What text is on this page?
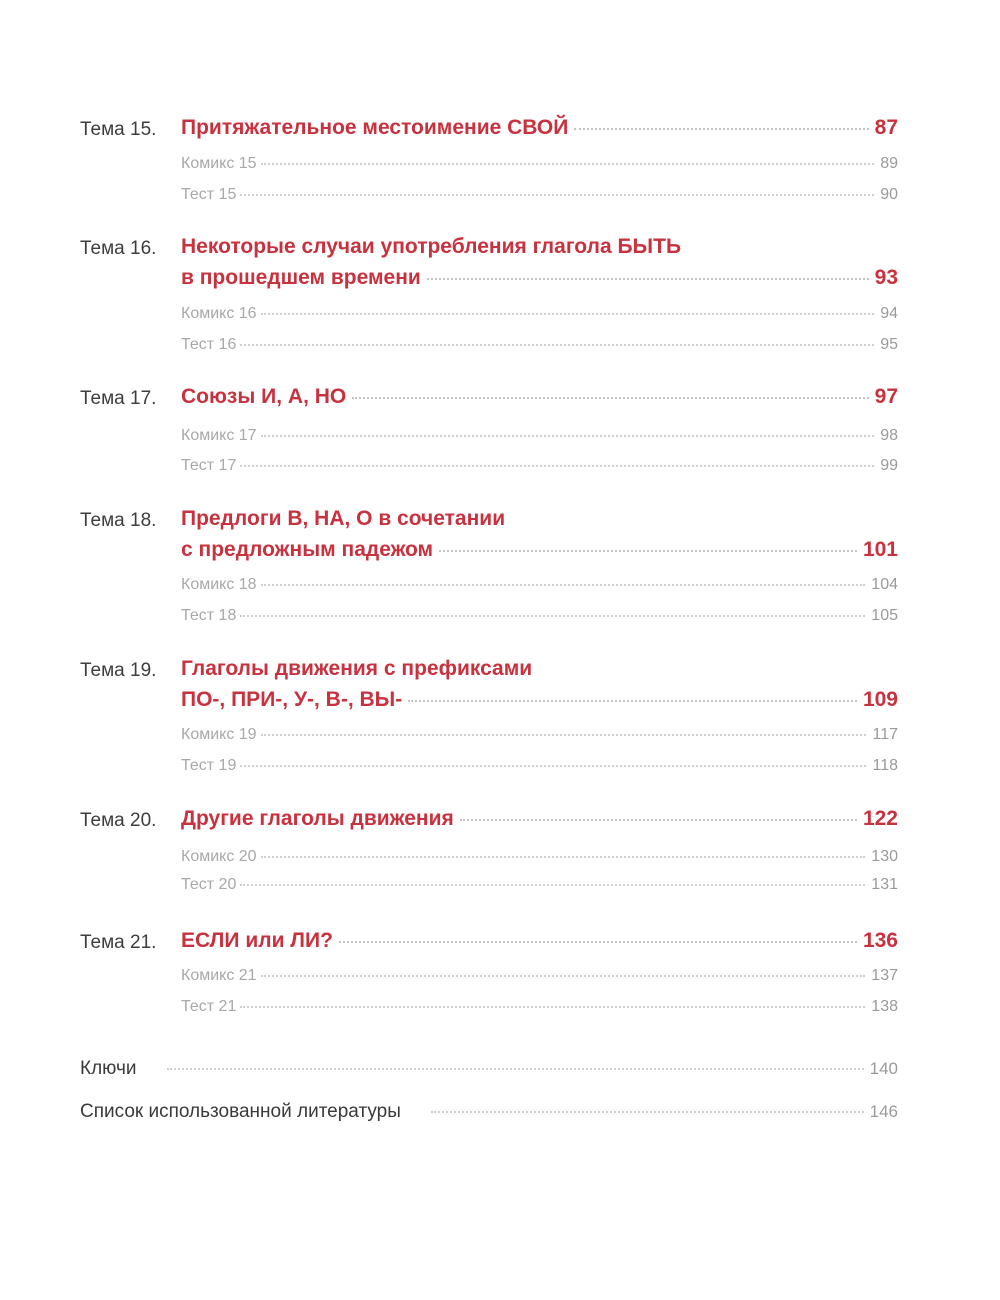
Тема 15.	Притяжательное местоимение СВОЙ	87
Комикс 15	89
Тест 15	90
Тема 16.	Некоторые случаи употребления глагола БЫТЬ
в прошедшем времени	93
Комикс 16	94
Тест 16	95
Тема 17.	Союзы И, А, НО	97
Комикс 17	98
Тест 17	99
Тема 18.	Предлоги В, НА, О в сочетании
с предложным падежом	101
Комикс 18	104
Тест 18	105
Тема 19.	Глаголы движения с префиксами
ПО-, ПРИ-, У-, В-, ВЫ-	109
Комикс 19	117
Тест 19	118
Тема 20.	Другие глаголы движения	122
Комикс 20	130
Тест 20	131
Тема 21.	ЕСЛИ или ЛИ?	136
Комикс 21	137
Тест 21	138
Ключи	140
Список использованной литературы	146
